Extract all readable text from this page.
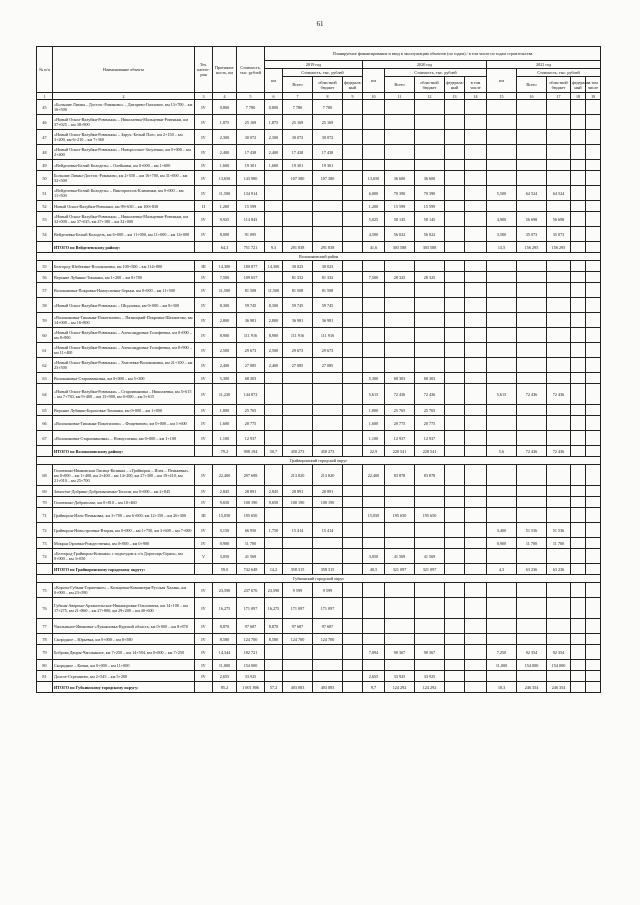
61
№ п/п	Наименование объекта	Тех. катего-рия	Протяжен-ность, км	Стоимость, тыс. рублей	Планируемое финансирование и ввод в эксплуатацию объектов (по годам) / в том числе по годам строительства													
					2019 год				2020 год					2021 год				
					км	Стоимость, тыс. рублей			км	Стоимость, тыс. рублей				км	Стоимость, тыс. рублей			
						Всего	областной бюджет	федераль-ный		Всего	областной бюджет	федераль-ный	в том числе		Всего	областной бюджет	федераль-ный	в том числе
1	2	3	4	5	6	7	8	9	10	11	12	13	14	15	16	17	18	19
45	«Большие Лиман – Достоп.-Романово» – Дитарево-Гниловое, км 13+700 – км 16+500	IV	0,800	7 780	0,800	7 780	7 780											
46	«Новый Оскол-Валуйки-Ровеньки» – Николаевка-Мальцевки-Ровеньки, км 37+025 – км 38+900	IV	1,875	25 169	1,875	25 169	25 169											
47	«Новый Оскол-Валуйки-Ровеньки» – Заруч.-Белый Плес, км 2+150 – км 3+200, км 6+210 – км 7+360	IV	2,300	30 072	2,300	30 072	30 072											
48	«Новый Оскол-Валуйки-Ровеньки» – Новоросское-Засуленко, км 0+000 – км 2+400	IV	2,400	17 438	2,400	17 438	17 438											
49	«Вейделевка-Белый Колодезь» – Олейники, км 0+000 – км 1+600	IV	1,600	19 301	1,600	19 301	19 301											
50	Большие Лиман-Достоп.-Романово, км 2+550 – км 16+700, км 31+000 – км 32+500	IV	13,650	143 980		107 380	107 380		13,650	36 600	36 600							
51	«Вейделевка-Белый Колодезь» – Викторополь-Клименки, км 0+000 – км 11+500	IV	11,500	134 914					6,000	70 390	70 390			5,500	64 524	64 524		
52	Новый Оскол-Валуйки-Ровеньки, км 99+630 – км 100+830	II	1,200	15 599					1,200	15 599	15 599							
53	«Новый Оскол-Валуйки-Ровеньки» – Николаевка-Мальцевки-Ровеньки, км 32+000 – км 37+025, км 27+100 – км 32+000	IV	9,925	114 843					5,025	58 145	58 145			4,900	56 698	56 698		
54	Вейделевка-Белый Колодезь, км 6+000 – км 11+000, км 11+000 – км 14+000	IV	8,000	91 095					4,500	56 022	56 022			3,500	35 073	35 073		
	ИТОГО по Вейделевскому району:		64,3	751 721	9,3	291 838	291 838		41,6	303 588	303 588			13,5	156 295	156 295		
Волоконовский район																		
55	Белгород-Шебекино-Волоконовка, км 100+500 – км 114+800	III	14,300	180 877	14,300	30 023	30 023											
56	Верхние Лубянки-Тишанка, км 1+200 – км 8+700	IV	7,500	109 657		81 332	81 332		7,500	28 325	28 325							
57	Волоконовка-Покровка-Новоуспенка-Зорьки, км 0+000 – км 11+500	IV	11,500	81 508	11,500	81 508	81 508											
58	«Новый Оскол-Валуйки-Ровеньки» – Шидловка, км 0+000 – км 8+300	IV	8,300	59 745	8,300	59 745	59 745											
59	«Волоконовка-Тишанка-Покотилово» – Пятницкий-Покровка-Шахматово, км 14+000 – км 16+800	IV	2,800	36 981	2,800	36 981	36 981											
60	«Новый Оскол-Валуйки-Ровеньки» – Александровка-Голофеевка, км 0+000 – км 8+900	IV	8,900	111 916	8,900	111 916	111 916											
61	«Новый Оскол-Валуйки-Ровеньки» – Александровка-Голофеевка, км 8+900 – км 11+400	IV	2,500	29 673	2,500	29 673	29 673											
62	«Новый Оскол-Валуйки-Ровеньки» – Хмелевка-Волоконовка, км 21+100 – км 23+500	IV	2,400	27 085	2,400	27 085	27 085											
63	Волоконовка-Староивановка, км 0+000 – км 5+300	IV	5,300	68 303					5,300	68 303	68 303							
64	«Новый Оскол-Валуйки-Ровеньки» – Староивановка – Николаевка, км 5+615 – км 7+730, км 9+400 – км 13+900, км 0+000 – км 5+615	IV	11,230	144 872					5,615	72 436	72 436			5,615	72 436	72 436		
65	Верхние Лубянки-Борисовка-Тишанка, км 0+000 – км 1+800	IV	1,800	25 765					1,800	25 765	25 765							
66	«Волоконовка-Тишанка-Покотилово» – Фощеватово, км 0+000 – км 1+600	IV	1,600	20 775					1,600	20 775	20 775							
67	«Волоконовка-Староивановка» – Новоуспенка, км 0+000 – км 1+100	IV	1,100	12 937					1,100	12 937	12 937							
	ИТОГО по Волоконовскому району:		79,2	908 194	50,7	458 273	458 273		22,9	228 541	228 541			5,6	72 436	72 436		
Грайворонский городской округ																		
68	Головчино-Ивановская Лисица-Козинка – «Грайворон – Илек – Пенькевка», км 0+000 – км 1+400, км 2+400 – км 14+200, км 27+300 – км 19+410, км 21+010 – км 25+700	IV	22,400	297 698		213 820	213 820		22,400	83 878	83 878							
69	Замостье-Добрино-Добромышенка-Тополи, км 0+000 – км 2+845	IV	2,845	28 891	2,845	28 891	28 891											
70	Головчино-Добраполье, км 0+810 – км 10+460	IV	9,650	100 190	9,650	100 190	100 190											
71	Грайворон-Илек-Пеньковка, км 3+700 – км 6+000, км 12+150 – км 26+300	III	15,050	195 650					15,050	195 650	195 650							
72	Грайворон-Новостроевка-Вторая, км 0+000 – км 1+750, км 3+600 – км 7+000	IV	5,150	66 950	1,750	15 414	15 414							3,400	51 536	51 536		
73	Мокрая Орловка-Рождественка, км 0+000 – км 0+900	IV	0,900	11 700										0,900	11 700	11 700		
74	«Белгород-Грайворон-Козинка» с подъездом к с/п Дорогощь-Горки», км 0+000 – км 3+050	V	3,050	41 569					3,050	41 569	41 569							
	ИТОГО по Грайворонскому городскому округу:		59,0	742 648	14,2	358 315	358 315		40,5	321 097	321 097			4,3	63 236	63 236		
Губкинский городской округ																		
75	«Короча-Губкин-Горшечное» – Кольцевая-Коминтерн-Русская Халань, км 0+000 – км 23+590	IV	23,590	237 676	23,590	9 599	9 599											
76	Губкин-Аверино-Архангельское-Никаноровка-Ольховатка, км 14+100 – км 17+275, км 21+860 – км 27+800, км 29+200 – км 40+600	IV	16,275	171 097	16,275	171 097	171 097											
77	Чаплыжное-Ивановка-«Лукьяновка-Курский область, км 0+000 – км 8+870	IV	8,870	97 687	8,870	97 687	97 687											
78	Скородное – Юрьевка, км 0+000 – км 8+580	IV	8,580	124 700	8,580	124 700	124 700											
79	Боброва Дворы-Чаплыжное, км 7+250 – км 14+594, км 0+000 – км 7+250	IV	14,344	182 721					7,094	90 367	90 367			7,250	92 354	92 354		
80	Скородное – Кочки, км 0+000 – км 11+000	IV	11,000	154 000										11,000	154 000	154 000		
81	Долгое-Стрешнево, км 2+545 – км 5+200	IV	2,655	33 925					2,655	33 925	33 925							
	ИТОГО по Губкинскому городскому округу:		85,2	1 001 806	57,2	403 083	403 083		9,7	124 292	124 292			18,3	246 354	246 354		
